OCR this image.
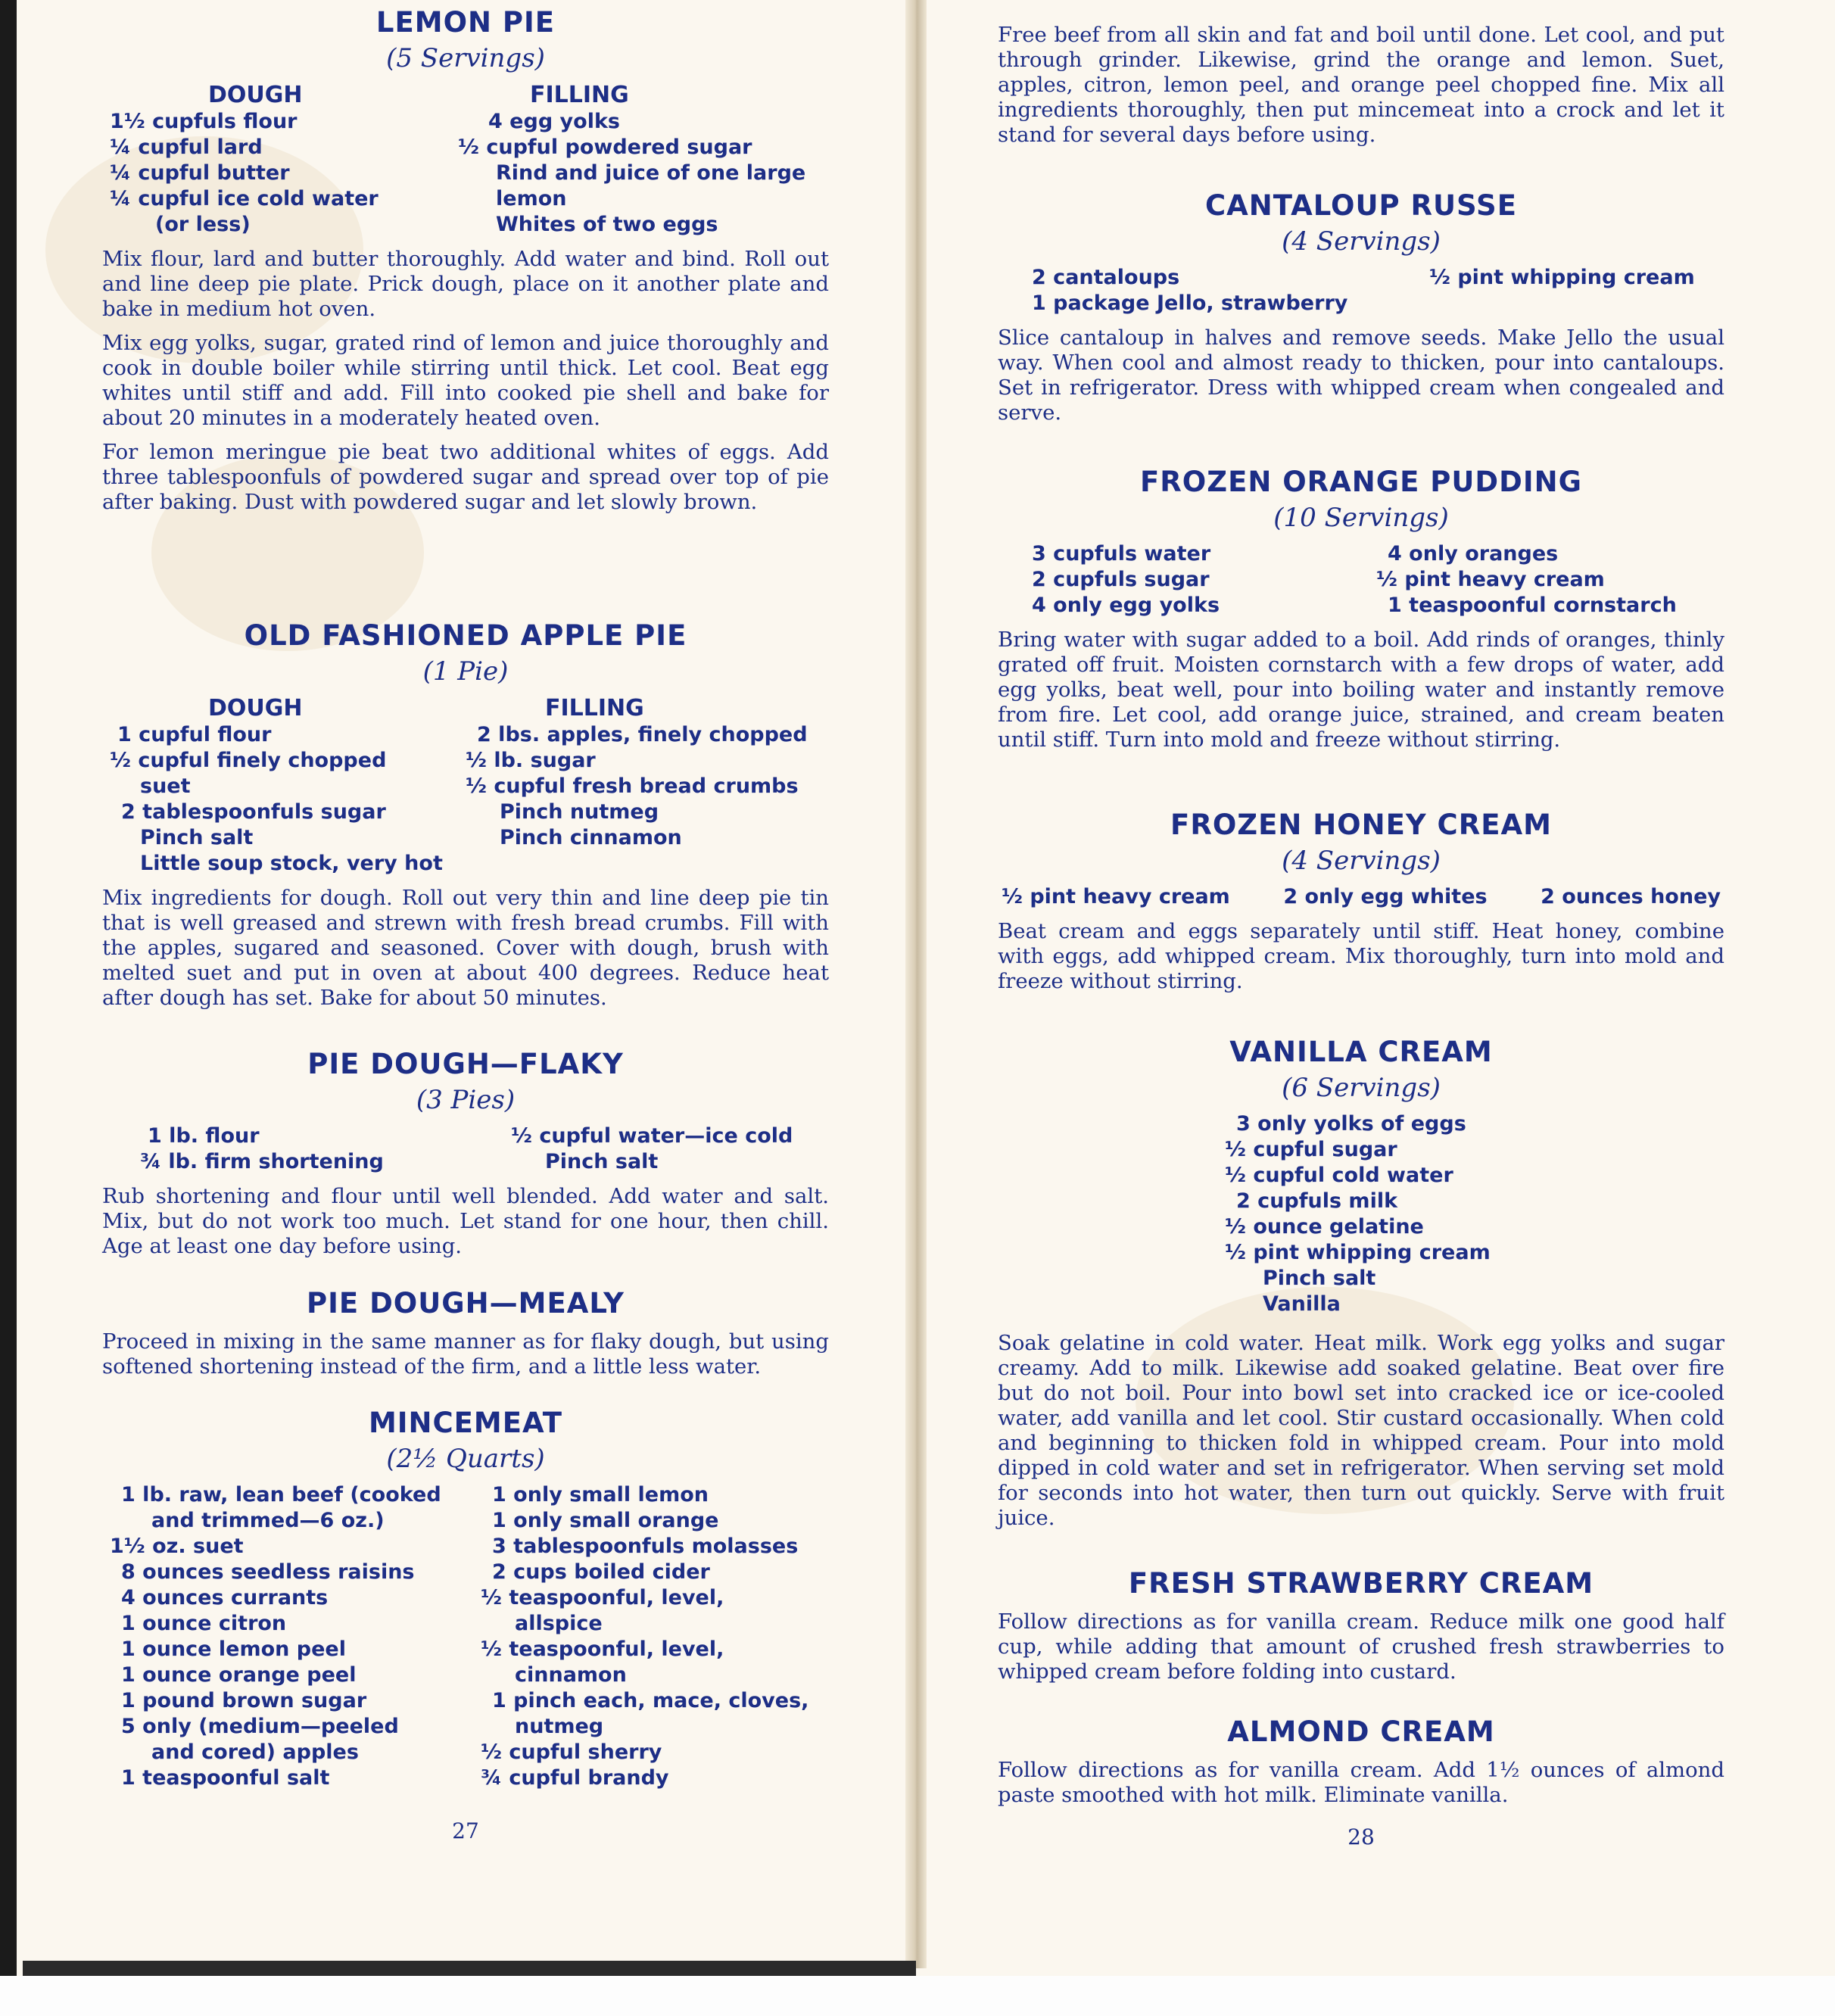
LEMON PIE
(5 Servings)
DOUGH
1½ cupfuls flour
¼ cupful lard
¼ cupful butter
¼ cupful ice cold water
(or less)
FILLING
4 egg yolks
½ cupful powdered sugar
Rind and juice of one large
lemon
Whites of two eggs

Mix flour, lard and butter thoroughly. Add water and bind. Roll out and line deep pie plate. Prick dough, place on it another plate and bake in medium hot oven.

Mix egg yolks, sugar, grated rind of lemon and juice thoroughly and cook in double boiler while stirring until thick. Let cool. Beat egg whites until stiff and add. Fill into cooked pie shell and bake for about 20 minutes in a moderately heated oven.

For lemon meringue pie beat two additional whites of eggs. Add three tablespoonfuls of powdered sugar and spread over top of pie after baking. Dust with powdered sugar and let slowly brown.

OLD FASHIONED APPLE PIE
(1 Pie)
DOUGH
1 cupful flour
½ cupful finely chopped
suet
2 tablespoonfuls sugar
Pinch salt
Little soup stock, very hot
FILLING
2 lbs. apples, finely chopped
½ lb. sugar
½ cupful fresh bread crumbs
Pinch nutmeg
Pinch cinnamon

Mix ingredients for dough. Roll out very thin and line deep pie tin that is well greased and strewn with fresh bread crumbs. Fill with the apples, sugared and seasoned. Cover with dough, brush with melted suet and put in oven at about 400 degrees. Reduce heat after dough has set. Bake for about 50 minutes.

PIE DOUGH—FLAKY
(3 Pies)
1 lb. flour
¾ lb. firm shortening
½ cupful water—ice cold
Pinch salt

Rub shortening and flour until well blended. Add water and salt. Mix, but do not work too much. Let stand for one hour, then chill. Age at least one day before using.

PIE DOUGH—MEALY

Proceed in mixing in the same manner as for flaky dough, but using softened shortening instead of the firm, and a little less water.

MINCEMEAT
(2½ Quarts)
1 lb. raw, lean beef (cooked
and trimmed—6 oz.)
1½ oz. suet
8 ounces seedless raisins
4 ounces currants
1 ounce citron
1 ounce lemon peel
1 ounce orange peel
1 pound brown sugar
5 only (medium—peeled
and cored) apples
1 teaspoonful salt
1 only small lemon
1 only small orange
3 tablespoonfuls molasses
2 cups boiled cider
½ teaspoonful, level,
allspice
½ teaspoonful, level,
cinnamon
1 pinch each, mace, cloves,
nutmeg
½ cupful sherry
¾ cupful brandy
27

Free beef from all skin and fat and boil until done. Let cool, and put through grinder. Likewise, grind the orange and lemon. Suet, apples, citron, lemon peel, and orange peel chopped fine. Mix all ingredients thoroughly, then put mincemeat into a crock and let it stand for several days before using.

CANTALOUP RUSSE
(4 Servings)
2 cantaloups
1 package Jello, strawberry
½ pint whipping cream

Slice cantaloup in halves and remove seeds. Make Jello the usual way. When cool and almost ready to thicken, pour into cantaloups. Set in refrigerator. Dress with whipped cream when congealed and serve.

FROZEN ORANGE PUDDING
(10 Servings)
3 cupfuls water
2 cupfuls sugar
4 only egg yolks
4 only oranges
½ pint heavy cream
1 teaspoonful cornstarch

Bring water with sugar added to a boil. Add rinds of oranges, thinly grated off fruit. Moisten cornstarch with a few drops of water, add egg yolks, beat well, pour into boiling water and instantly remove from fire. Let cool, add orange juice, strained, and cream beaten until stiff. Turn into mold and freeze without stirring.

FROZEN HONEY CREAM
(4 Servings)
½ pint heavy cream	2 only egg whites	2 ounces honey

Beat cream and eggs separately until stiff. Heat honey, combine with eggs, add whipped cream. Mix thoroughly, turn into mold and freeze without stirring.

VANILLA CREAM
(6 Servings)
3 only yolks of eggs
½ cupful sugar
½ cupful cold water
2 cupfuls milk
½ ounce gelatine
½ pint whipping cream
Pinch salt
Vanilla

Soak gelatine in cold water. Heat milk. Work egg yolks and sugar creamy. Add to milk. Likewise add soaked gelatine. Beat over fire but do not boil. Pour into bowl set into cracked ice or ice-cooled water, add vanilla and let cool. Stir custard occasionally. When cold and beginning to thicken fold in whipped cream. Pour into mold dipped in cold water and set in refrigerator. When serving set mold for seconds into hot water, then turn out quickly. Serve with fruit juice.

FRESH STRAWBERRY CREAM

Follow directions as for vanilla cream. Reduce milk one good half cup, while adding that amount of crushed fresh strawberries to whipped cream before folding into custard.

ALMOND CREAM

Follow directions as for vanilla cream. Add 1½ ounces of almond paste smoothed with hot milk. Eliminate vanilla.

28
